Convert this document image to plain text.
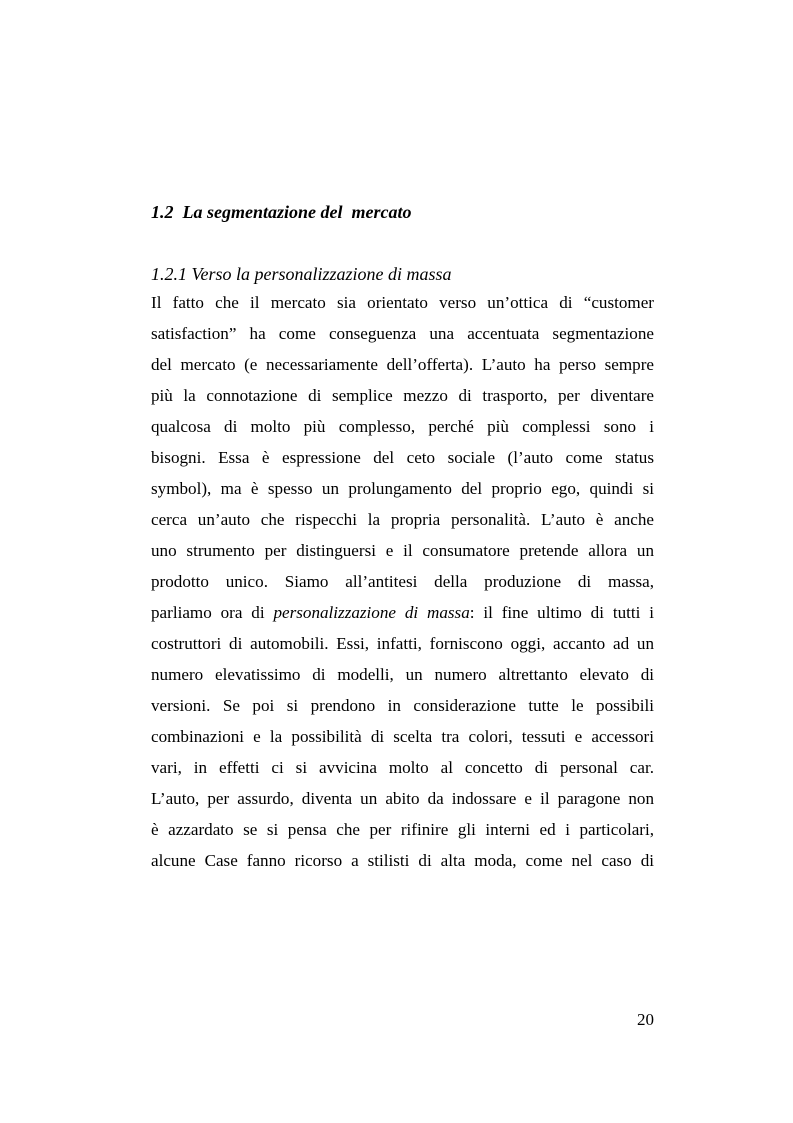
1.2  La segmentazione del  mercato
1.2.1 Verso la personalizzazione di massa
Il fatto che il mercato sia orientato verso un’ottica di “customer
satisfaction” ha come conseguenza una accentuata segmentazione
del mercato (e necessariamente dell’offerta). L’auto ha perso sempre
più la connotazione di semplice mezzo di trasporto, per diventare
qualcosa di molto più complesso, perché più complessi sono i
bisogni. Essa è espressione del ceto sociale (l’auto come status
symbol), ma è spesso un prolungamento del proprio ego, quindi si
cerca un’auto che rispecchi la propria personalità. L’auto è anche
uno strumento per distinguersi e il consumatore pretende allora un
prodotto unico. Siamo all’antitesi della produzione di massa,
parliamo ora di personalizzazione di massa: il fine ultimo di tutti i
costruttori di automobili. Essi, infatti, forniscono oggi, accanto ad un
numero elevatissimo di modelli, un numero altrettanto elevato di
versioni. Se poi si prendono in considerazione tutte le possibili
combinazioni e la possibilità di scelta tra colori, tessuti e accessori
vari, in effetti ci si avvicina molto al concetto di personal car.
L’auto, per assurdo, diventa un abito da indossare e il paragone non
è azzardato se si pensa che per rifinire gli interni ed i particolari,
alcune Case fanno ricorso a stilisti di alta moda, come nel caso di

20
